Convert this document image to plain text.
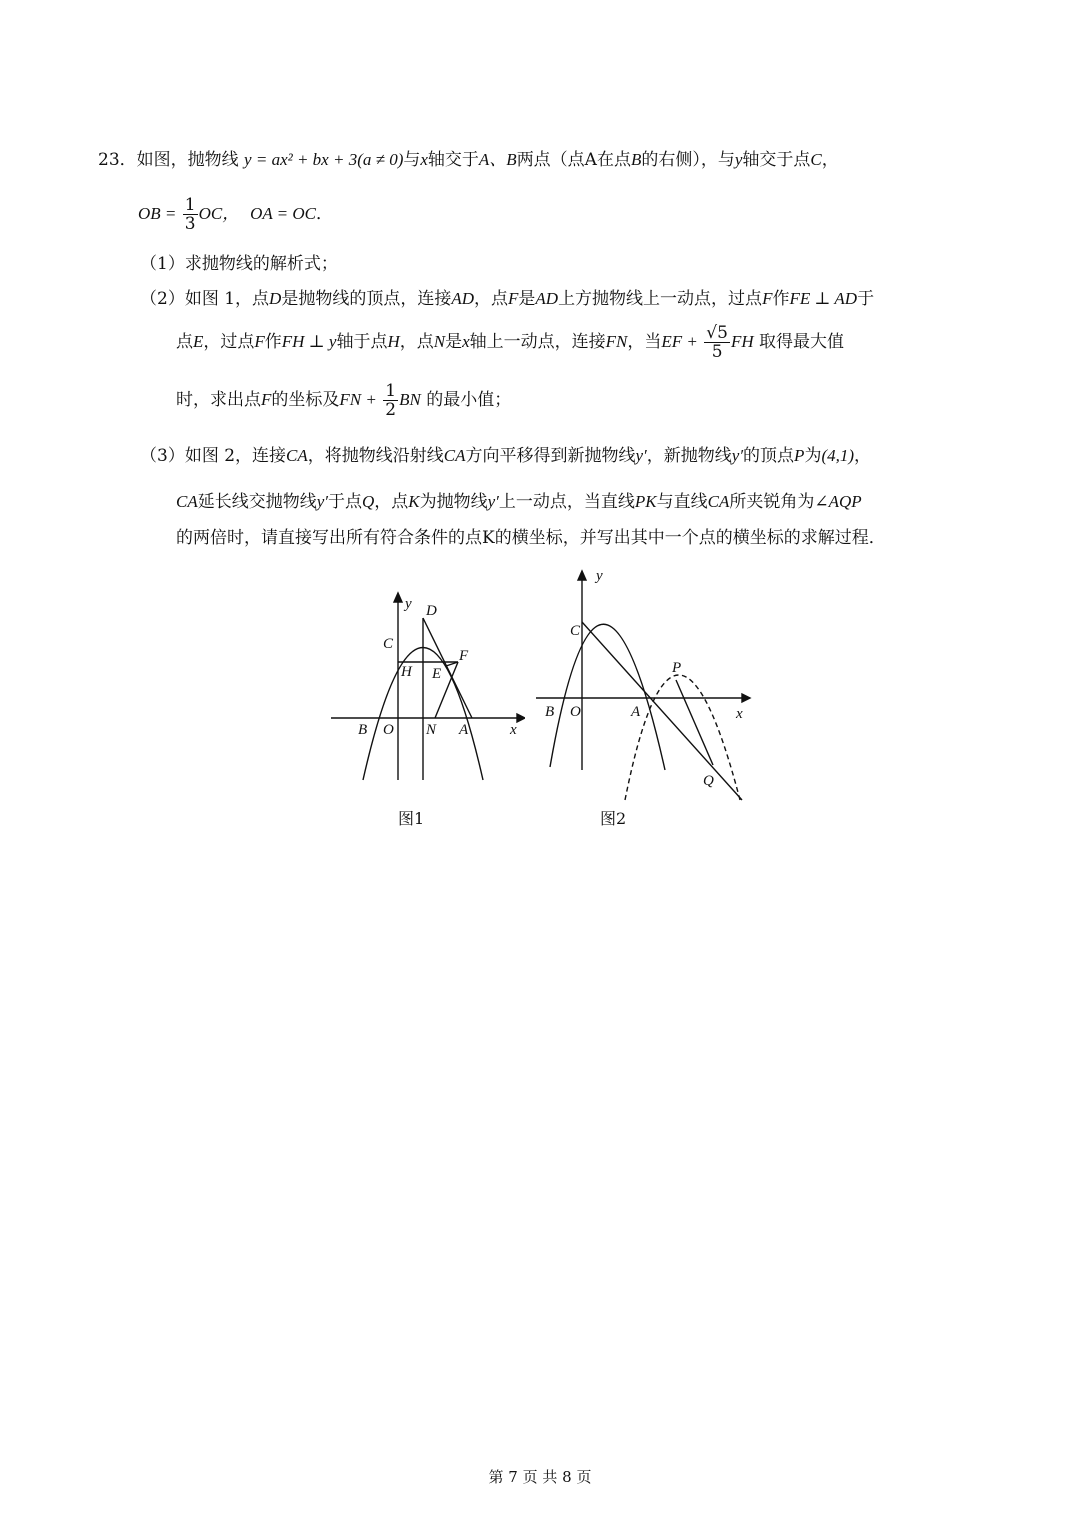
23．如图，抛物线 y = ax² + bx + 3(a ≠ 0)与x轴交于A、B两点（点A在点B的右侧），与y轴交于点C，
OB = $\frac{1}{3}$ OC， OA = OC．
（1）求抛物线的解析式；
（2）如图 1，点D是抛物线的顶点，连接AD，点F是AD上方抛物线上一动点，过点F作FE ⊥ AD于
点E，过点F作FH ⊥ y轴于点H，点N是x轴上一动点，连接FN，当EF + $\frac{√5}{5}$ FH 取得最大值
时，求出点F的坐标及FN + $\frac{1}{2}$ BN 的最小值；
（3）如图 2，连接CA，将抛物线沿射线CA方向平移得到新抛物线y′，新抛物线y′的顶点P为(4,1)，
CA延长线交抛物线y′于点Q，点K为抛物线y′上一动点，当直线PK与直线CA所夹锐角为∠AQP
的两倍时，请直接写出所有符合条件的点K的横坐标，并写出其中一个点的横坐标的求解过程．
y D
C
F
H E
B O N A	x
图1
y
C
P
B O	A	x
Q
图2
第 7 页 共 8 页
